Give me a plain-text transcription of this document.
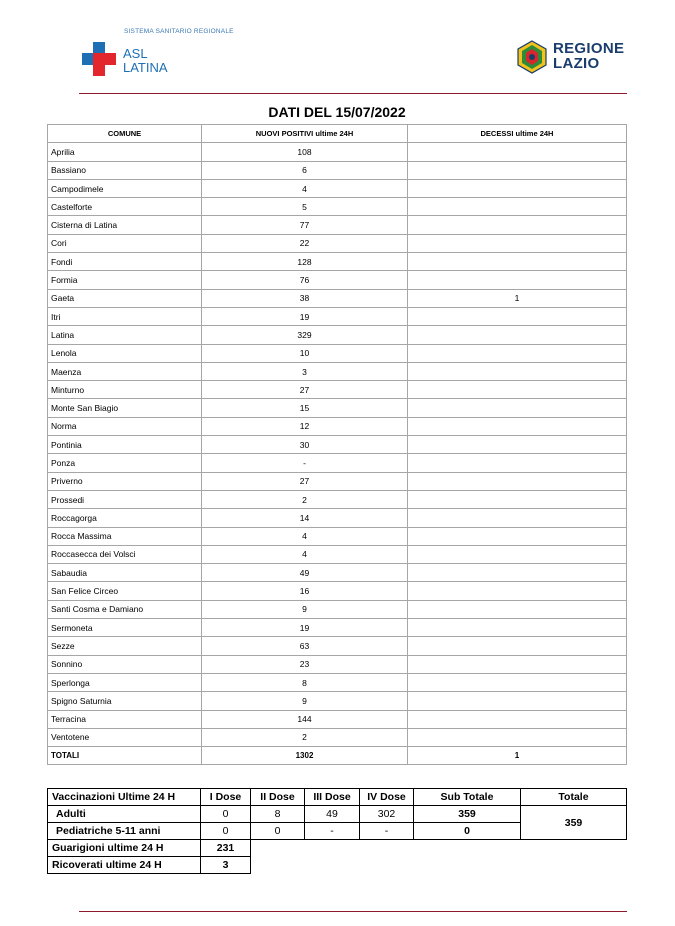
SISTEMA SANITARIO REGIONALE
ASL
LATINA
REGIONE
LAZIO
DATI DEL 15/07/2022
COMUNE	NUOVI POSITIVI ultime 24H	DECESSI ultime 24H
Aprilia	108	
Bassiano	6	
Campodimele	4	
Castelforte	5	
Cisterna di Latina	77	
Cori	22	
Fondi	128	
Formia	76	
Gaeta	38	1
Itri	19	
Latina	329	
Lenola	10	
Maenza	3	
Minturno	27	
Monte San Biagio	15	
Norma	12	
Pontinia	30	
Ponza	-	
Priverno	27	
Prossedi	2	
Roccagorga	14	
Rocca Massima	4	
Roccasecca dei Volsci	4	
Sabaudia	49	
San Felice Circeo	16	
Santi Cosma e Damiano	9	
Sermoneta	19	
Sezze	63	
Sonnino	23	
Sperlonga	8	
Spigno Saturnia	9	
Terracina	144	
Ventotene	2	
TOTALI	1302	1
Vaccinazioni Ultime 24 H	I Dose	II Dose	III Dose	IV Dose	Sub Totale	Totale
Adulti	0	8	49	302	359	359
Pediatriche 5-11 anni	0	0	-	-	0	
Guarigioni ultime 24 H	231					
Ricoverati ultime 24 H	3					
